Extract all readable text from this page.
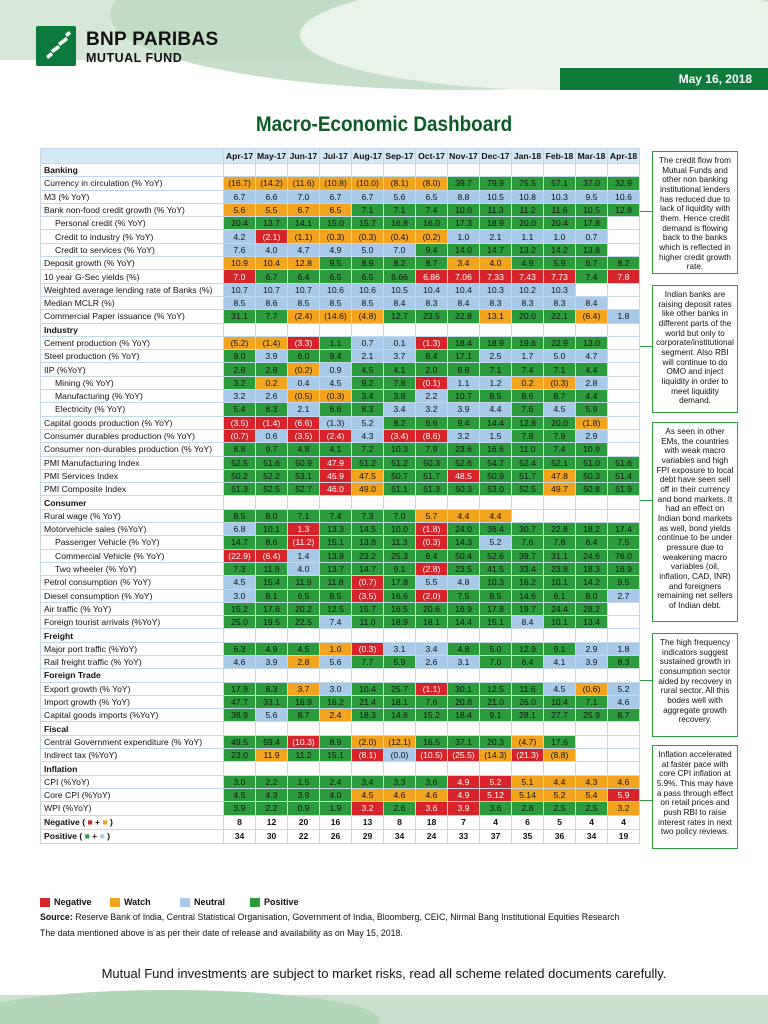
BNP PARIBAS
MUTUAL FUND
May 16, 2018
Macro-Economic Dashboard
	Apr-17	May-17	Jun-17	Jul-17	Aug-17	Sep-17	Oct-17	Nov-17	Dec-17	Jan-18	Feb-18	Mar-18	Apr-18
Banking													
Currency in circulation (% YoY)	(16.7)	(14.2)	(11.6)	(10.8)	(10.0)	(8.1)	(8.0)	39.7	79.9	75.5	57.1	37.0	32.9
M3 (% YoY)	6.7	6.6	7.0	6.7	6.7	5.6	6.5	8.8	10.5	10.8	10.3	9.5	10.6
Bank non-food credit growth (% YoY)	5.6	5.5	6.7	6.5	7.1	7.1	7.4	10.0	11.3	11.2	11.6	10.5	12.8
Personal credit (% YoY)	20.4	13.7	14.1	15.0	15.7	16.8	16.0	17.3	18.9	20.0	20.4	17.8	
Credit to industry (% YoY)	4.2	(2.1)	(1.1)	(0.3)	(0.3)	(0.4)	(0.2)	1.0	2.1	1.1	1.0	0.7	
Credit to services (% YoY)	7.6	4.0	4.7	4.9	5.0	7.0	9.4	14.0	14.7	13.2	14.2	13.8	
Deposit growth (% YoY)	10.9	10.4	12.8	9.5	8.9	8.2	8.7	3.4	4.0	4.9	5.9	6.7	8.2
10 year G-Sec yields (%)	7.0	6.7	6.4	6.5	6.5	6.66	6.86	7.06	7.33	7.43	7.73	7.4	7.8
Weighted average lending rate of Banks (%)	10.7	10.7	10.7	10.6	10.6	10.5	10.4	10.4	10.3	10.2	10.3		
Median MCLR (%)	8.5	8.6	8.5	8.5	8.5	8.4	8.3	8.4	8.3	8.3	8.3	8.4	
Commercial Paper issuance (% YoY)	31.1	7.7	(2.4)	(14.6)	(4.8)	12.7	23.5	22.8	13.1	20.0	22.1	(6.4)	1.8
Industry													
Cement production (% YoY)	(5.2)	(1.4)	(3.3)	1.1	0.7	0.1	(1.3)	18.4	18.9	19.6	22.9	13.0	
Steel production (% YoY)	9.0	3.9	6.0	9.4	2.1	3.7	8.4	17.1	2.5	1.7	5.0	4.7	
IIP (%YoY)	2.8	2.8	(0.2)	0.9	4.5	4.1	2.0	8.8	7.1	7.4	7.1	4.4	
Mining (% YoY)	3.2	0.2	0.4	4.5	9.2	7.8	(0.1)	1.1	1.2	0.2	(0.3)	2.8	
Manufacturing (% YoY)	3.2	2.6	(0.5)	(0.3)	3.4	3.8	2.2	10.7	8.5	8.6	8.7	4.4	
Electricity (% YoY)	5.4	8.3	2.1	6.6	8.3	3.4	3.2	3.9	4.4	7.6	4.5	5.9	
Capital goods production (% YoY)	(3.5)	(1.4)	(6.6)	(1.3)	5.2	8.2	6.6	9.4	14.4	12.8	20.0	(1.8)	
Consumer durables production (% YoY)	(0.7)	0.6	(3.5)	(2.4)	4.3	(3.4)	(8.6)	3.2	1.5	7.8	7.9	2.9	
Consumer non-durables production (% YoY)	8.8	9.7	4.8	4.1	7.2	10.3	7.9	23.6	16.6	11.0	7.4	10.9	
PMI Manufacturing Index	52.5	51.6	50.9	47.9	51.2	51.2	50.3	52.6	54.7	52.4	52.1	51.0	51.6
PMI Services Index	50.2	52.2	53.1	45.9	47.5	50.7	51.7	48.5	50.9	51.7	47.8	50.3	51.4
PMI Composite Index	51.3	52.5	52.7	46.0	49.0	51.1	51.3	50.3	53.0	52.5	49.7	50.8	51.9
Consumer													
Rural wage (% YoY)	8.5	8.0	7.1	7.4	7.3	7.0	5.7	4.4	4.4				
Motorvehicle sales (%YoY)	6.8	10.1	1.3	13.3	14.5	10.0	(1.8)	24.0	36.4	30.7	22.8	18.2	17.4
Passenger Vehicle (% YoY)	14.7	8.6	(11.2)	15.1	13.8	11.3	(0.3)	14.3	5.2	7.6	7.8	6.4	7.5
Commercial Vehicle (% YoY)	(22.9)	(6.4)	1.4	13.8	23.2	25.3	6.4	50.4	52.6	39.7	31.1	24.6	76.0
Two wheeler (% YoY)	7.3	11.9	4.0	13.7	14.7	9.1	(2.8)	23.5	41.5	33.4	23.8	18.3	16.9
Petrol consumption (% YoY)	4.5	15.4	11.9	11.8	(0.7)	17.8	5.5	4.8	10.3	16.2	10.1	14.2	9.5
Diesel consumption (% YoY)	3.0	8.1	6.5	8.5	(3.5)	16.6	(2.0)	7.5	8.5	14.6	6.1	8.0	2.7
Air traffic (% YoY)	15.2	17.6	20.2	12.5	15.7	16.5	20.6	16.9	17.8	19.7	24.4	28.2	
Foreign tourist arrivals (%YoY)	25.0	19.5	22.5	7.4	11.0	18.9	18.1	14.4	15.1	8.4	10.1	13.4	
Freight													
Major port traffic (%YoY)	6.3	4.9	4.5	1.0	(0.3)	3.1	3.4	4.8	5.0	12.9	9.1	2.9	1.8
Rail freight traffic (% YoY)	4.6	3.9	2.8	5.6	7.7	5.9	2.6	3.1	7.0	6.4	4.1	3.9	8.3
Foreign Trade													
Export growth (% YoY)	17.9	8.3	3.7	3.0	10.4	25.7	(1.1)	30.1	12.5	11.6	4.5	(0.6)	5.2
Import growth (% YoY)	47.7	33.1	16.9	16.2	21.4	18.1	7.6	20.8	21.0	26.0	10.4	7.1	4.6
Capital goods imports (%YoY)	38.9	5.6	8.7	2.4	18.3	14.6	15.2	18.4	9.1	28.1	27.7	25.9	8.7
Fiscal													
Central Government expenditure (% YoY)	49.5	59.4	(10.3)	8.9	(2.0)	(12.1)	16.5	37.1	20.3	(4.7)	17.6		
Indirect tax (%YoY)	23.0	11.9	11.2	15.1	(8.1)	(0.0)	(10.5)	(25.5)	(14.3)	(21.3)	(8.8)		
Inflation													
CPI (%YoY)	3.0	2.2	1.5	2.4	3.4	3.3	3.6	4.9	5.2	5.1	4.4	4.3	4.6
Core CPI (%YoY)	4.5	4.3	3.9	4.0	4.5	4.6	4.6	4.9	5.12	5.14	5.2	5.4	5.9
WPI (%YoY)	3.9	2.2	0.9	1.9	3.2	2.6	3.6	3.9	3.6	2.8	2.5	2.5	3.2
Negative ( ■ + ■ )	8	12	20	16	13	8	18	7	4	6	5	4	4
Positive ( ■ + ■ )	34	30	22	26	29	34	24	33	37	35	36	34	19
The credit flow from Mutual Funds and other non banking institutional lenders has reduced due to lack of liquidity with them. Hence credit demand is flowing back to the banks which is reflected in higher credit growth rate.
Indian banks are raising deposit rates like other banks in different parts of the world but only to corporate/institutional segment. Also RBI will continue to do OMO and inject liquidity in order to meet liquidity demand.
As seen in other EMs, the countries with weak macro variables and high FPI exposure to local debt have seen sell off in their currency and bond markets. It had an effect on Indian bond markets as well, bond yields continue to be under pressure due to weakening macro variables (oil, inflation, CAD, INR) and foreigners remaining net sellers of Indian debt.
The high frequency indicators suggest sustained growth in consumption sector aided by recovery in rural sector. All this bodes well with aggregate growth recovery.
Inflation accelerated at faster pace with core CPI inflation at 5.9%. This may have a pass through effect on retail prices and push RBI to raise interest rates in next two policy reviews.
Negative	Watch	Neutral	Positive
Source: Reserve Bank of India, Central Statistical Organisation, Government of India, Bloomberg, CEIC, Nirmal Bang Institutional Equities Research
The data mentioned above is as per their date of release and availability as on May 15, 2018.
Mutual Fund investments are subject to market risks, read all scheme related documents carefully.
